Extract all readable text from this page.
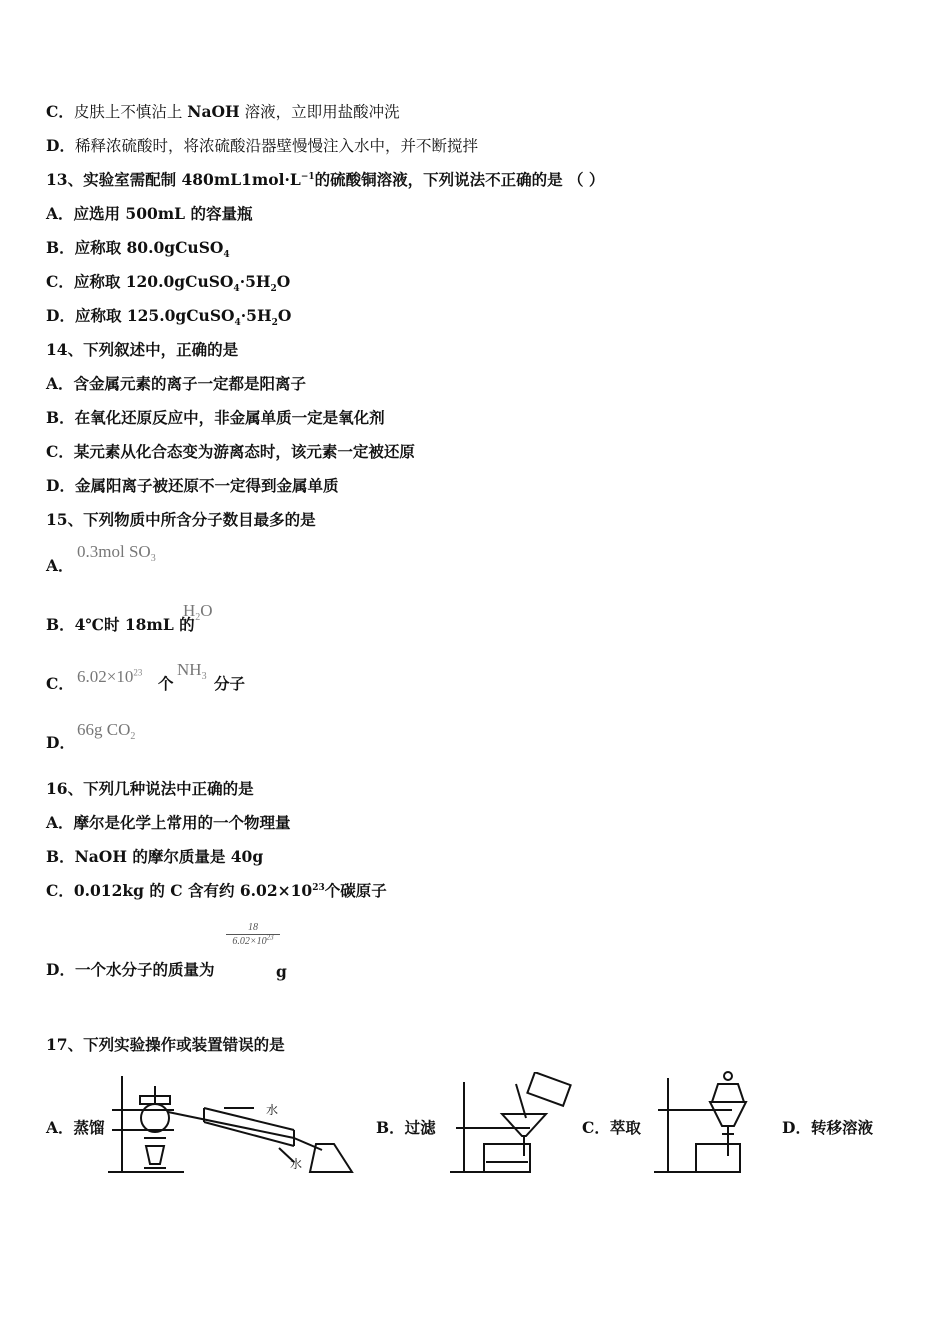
C．皮肤上不慎沾上 NaOH 溶液，立即用盐酸冲洗
D．稀释浓硫酸时，将浓硫酸沿器壁慢慢注入水中，并不断搅拌
13、实验室需配制 $480mL1mol\cdot L^{-1}$的硫酸铜溶液，下列说法不正确的是 （ ）
A．应选用 500mL 的容量瓶
B．应称取 80.0gCuSO$_4$
C．应称取 $120.0gCuSO_4\cdot 5H_2O$
D．应称取 $125.0gCuSO_4\cdot 5H_2O$
14、下列叙述中，正确的是
A．含金属元素的离子一定都是阳离子
B．在氧化还原反应中，非金属单质一定是氧化剂
C．某元素从化合态变为游离态时，该元素一定被还原
D．金属阳离子被还原不一定得到金属单质
15、下列物质中所含分子数目最多的是
A．
0.3mol $SO_3$
B．4℃时 18mL 的
$H_2O$
C． $6.02\times 10^{23}$
个
$NH_3$ 分子
D．
66g $CO_2$
16、下列几种说法中正确的是
A．摩尔是化学上常用的一个物理量
B．NaOH 的摩尔质量是 40g
C．0.012kg 的 C 含有约 $6.02\times 10^{23}$个碳原子
$\frac{18}{6.02\times 10^{23}}$
D．一个水分子的质量为	g
17、下列实验操作或装置错误的是
A．蒸馏	B．过滤	C．萃取	D．转移溶液
水
水
